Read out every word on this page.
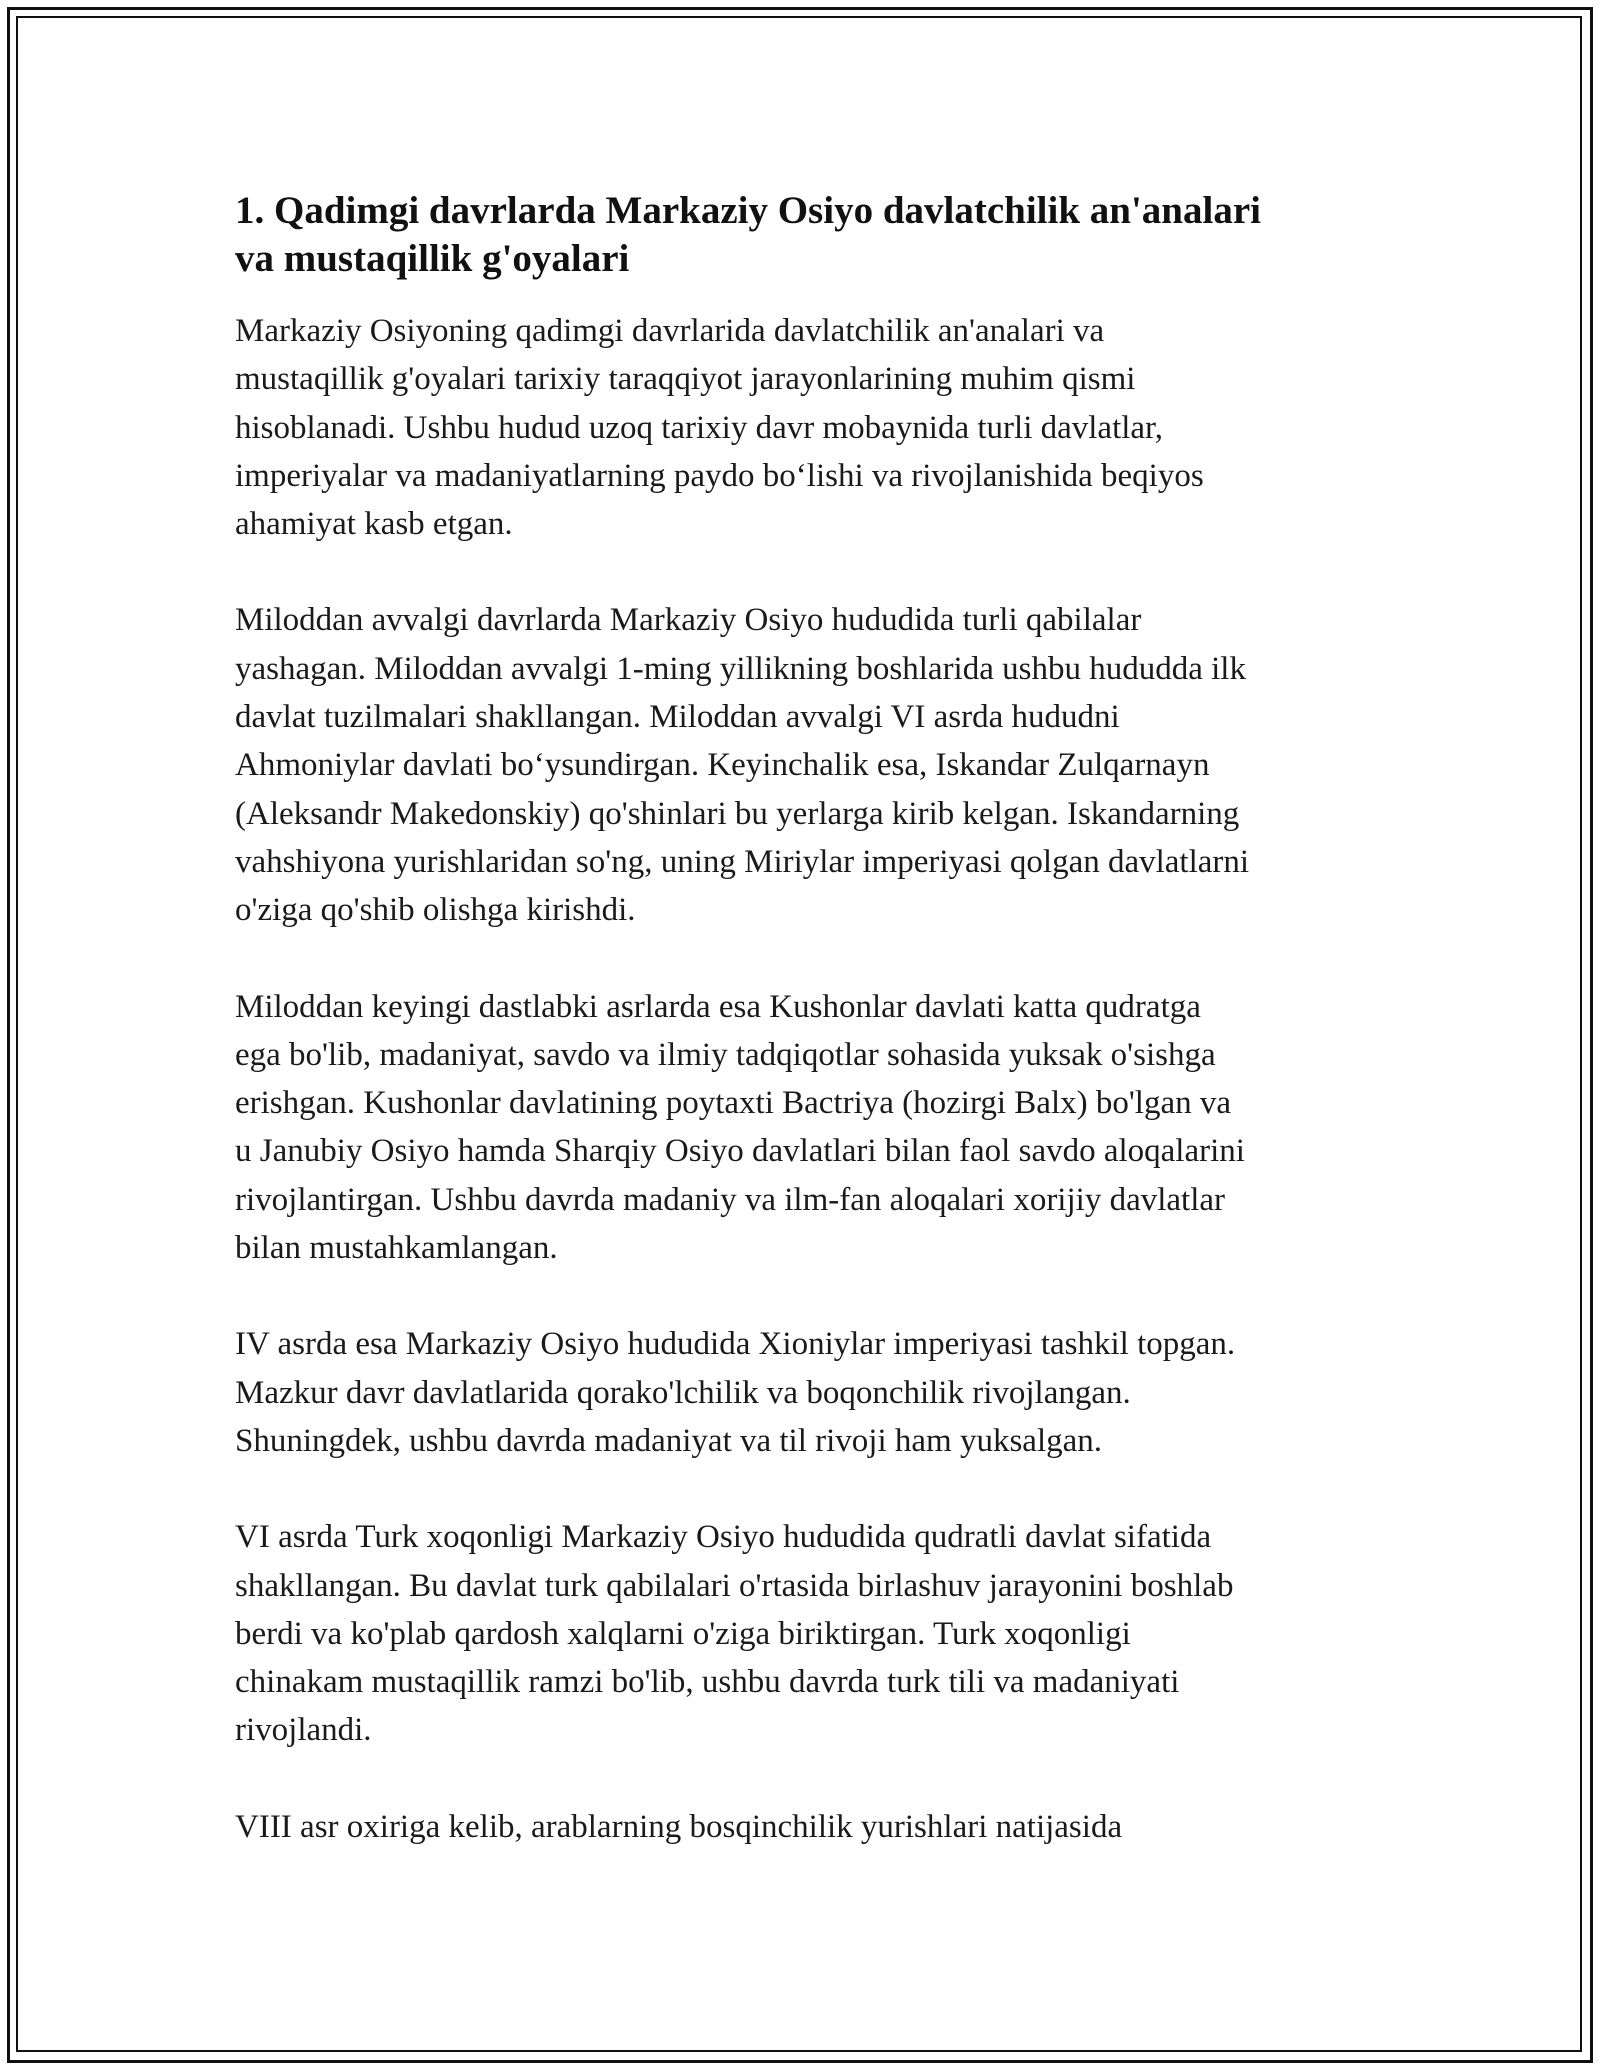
1. Qadimgi davrlarda Markaziy Osiyo davlatchilik an'analari
va mustaqillik g'oyalari

Markaziy Osiyoning qadimgi davrlarida davlatchilik an'analari va
mustaqillik g'oyalari tarixiy taraqqiyot jarayonlarining muhim qismi
hisoblanadi. Ushbu hudud uzoq tarixiy davr mobaynida turli davlatlar,
imperiyalar va madaniyatlarning paydo bo‘lishi va rivojlanishida beqiyos
ahamiyat kasb etgan.

Miloddan avvalgi davrlarda Markaziy Osiyo hududida turli qabilalar
yashagan. Miloddan avvalgi 1-ming yillikning boshlarida ushbu hududda ilk
davlat tuzilmalari shakllangan. Miloddan avvalgi VI asrda hududni
Ahmoniylar davlati bo‘ysundirgan. Keyinchalik esa, Iskandar Zulqarnayn
(Aleksandr Makedonskiy) qo'shinlari bu yerlarga kirib kelgan. Iskandarning
vahshiyona yurishlaridan so'ng, uning Miriylar imperiyasi qolgan davlatlarni
o'ziga qo'shib olishga kirishdi.

Miloddan keyingi dastlabki asrlarda esa Kushonlar davlati katta qudratga
ega bo'lib, madaniyat, savdo va ilmiy tadqiqotlar sohasida yuksak o'sishga
erishgan. Kushonlar davlatining poytaxti Bactriya (hozirgi Balx) bo'lgan va
u Janubiy Osiyo hamda Sharqiy Osiyo davlatlari bilan faol savdo aloqalarini
rivojlantirgan. Ushbu davrda madaniy va ilm-fan aloqalari xorijiy davlatlar
bilan mustahkamlangan.

IV asrda esa Markaziy Osiyo hududida Xioniylar imperiyasi tashkil topgan.
Mazkur davr davlatlarida qorako'lchilik va boqonchilik rivojlangan.
Shuningdek, ushbu davrda madaniyat va til rivoji ham yuksalgan.

VI asrda Turk xoqonligi Markaziy Osiyo hududida qudratli davlat sifatida
shakllangan. Bu davlat turk qabilalari o'rtasida birlashuv jarayonini boshlab
berdi va ko'plab qardosh xalqlarni o'ziga biriktirgan. Turk xoqonligi
chinakam mustaqillik ramzi bo'lib, ushbu davrda turk tili va madaniyati
rivojlandi.

VIII asr oxiriga kelib, arablarning bosqinchilik yurishlari natijasida
